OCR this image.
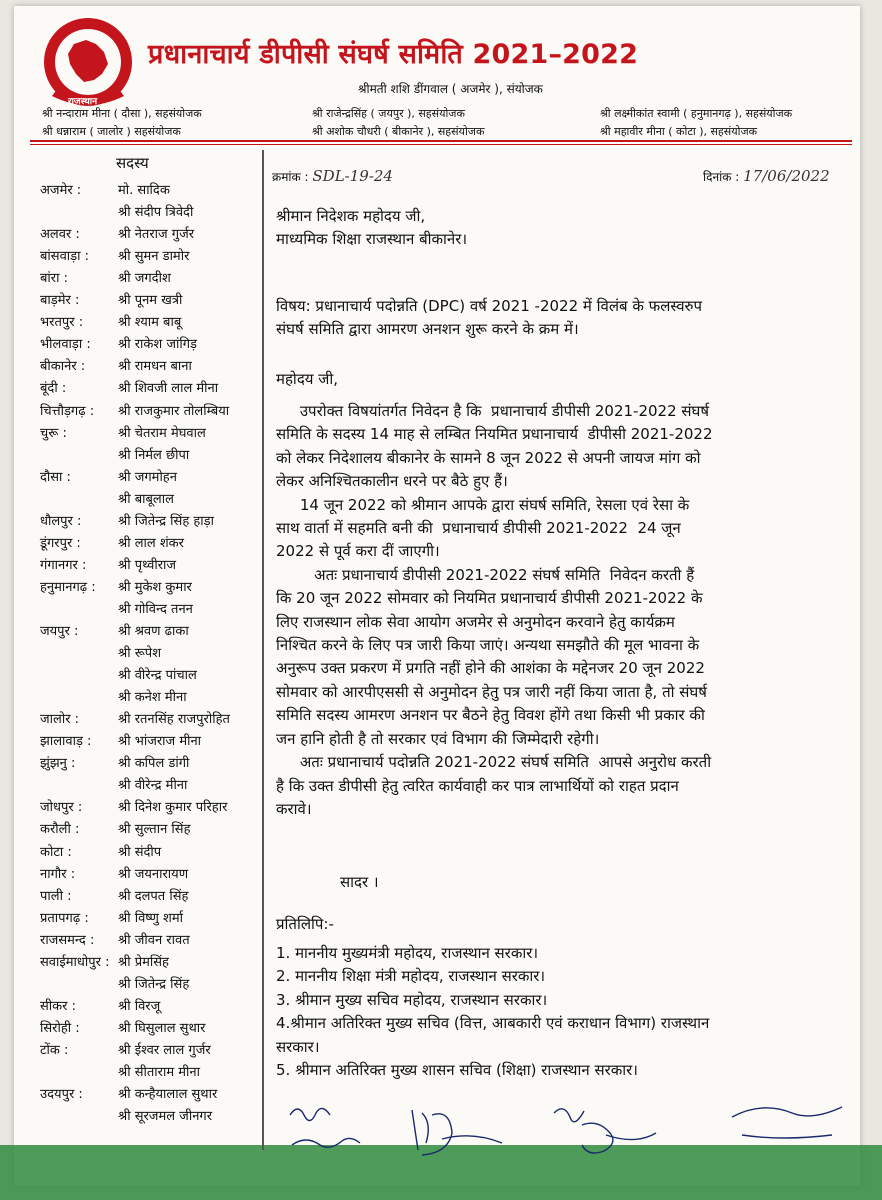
राजस्थान
प्रधानाचार्य डीपीसी संघर्ष समिति 2021–2022
श्रीमती शशि डींगवाल ( अजमेर ), संयोजक
श्री नन्दाराम मीना ( दौसा ), सहसंयोजक
श्री धन्नाराम ( जालोर ) सहसंयोजक
श्री राजेन्द्रसिंह ( जयपुर ), सहसंयोजक
श्री अशोक चौधरी ( बीकानेर ), सहसंयोजक
श्री लक्ष्मीकांत स्वामी ( हनुमानगढ़ ), सहसंयोजक
श्री महावीर मीना ( कोटा ), सहसंयोजक
सदस्य
अजमेर :	मो. सादिक
श्री संदीप त्रिवेदी
अलवर :	श्री नेतराज गुर्जर
बांसवाड़ा : श्री सुमन डामोर
बांरा :	श्री जगदीश
बाड़मेर :	श्री पूनम खत्री
भरतपुर :	श्री श्याम बाबू
भीलवाड़ा : श्री राकेश जांगिड़
बीकानेर :	श्री रामधन बाना
बूंदी :	श्री शिवजी लाल मीना
चित्तौड़गढ़ : श्री राजकुमार तोलम्बिया
चुरू :	श्री चेतराम मेघवाल
श्री निर्मल छीपा
दौसा :	श्री जगमोहन
श्री बाबूलाल
धौलपुर :	श्री जितेन्द्र सिंह हाड़ा
डूंगरपुर :	श्री लाल शंकर
गंगानगर : श्री पृथ्वीराज
हनुमानगढ़ : श्री मुकेश कुमार
श्री गोविन्द तनन
जयपुर :	श्री श्रवण ढाका
श्री रूपेश
श्री वीरेन्द्र पांचाल
श्री कनेश मीना
जालोर :	श्री रतनसिंह राजपुरोहित
झालावाड़ : श्री भांजराज मीना
झुंझनु :	श्री कपिल डांगी
श्री वीरेन्द्र मीना
जोधपुर :	श्री दिनेश कुमार परिहार
करौली :	श्री सुल्तान सिंह
कोटा :	श्री संदीप
नागौर :	श्री जयनारायण
पाली :	श्री दलपत सिंह
प्रतापगढ़ : श्री विष्णु शर्मा
राजसमन्द : श्री जीवन रावत
सवाईमाधोपुर : श्री प्रेमसिंह
श्री जितेन्द्र सिंह
सीकर :	श्री विरजू
सिरोही :	श्री घिसुलाल सुथार
टोंक :	श्री ईश्वर लाल गुर्जर
श्री सीताराम मीना
उदयपुर :	श्री कन्हैयालाल सुथार
श्री सूरजमल जीनगर
क्रमांक : SDL-19-24	दिनांक : 17/06/2022
श्रीमान निदेशक महोदय जी,
माध्यमिक शिक्षा राजस्थान बीकानेर।
विषय: प्रधानाचार्य पदोन्नति (DPC) वर्ष 2021 -2022 में विलंब के फलस्वरुप
संघर्ष समिति द्वारा आमरण अनशन शुरू करने के क्रम में।
महोदय जी,
उपरोक्त विषयांतर्गत निवेदन है कि  प्रधानाचार्य डीपीसी 2021-2022 संघर्ष
समिति के सदस्य 14 माह से लम्बित नियमित प्रधानाचार्य  डीपीसी 2021-2022
को लेकर निदेशालय बीकानेर के सामने 8 जून 2022 से अपनी जायज मांग को
लेकर अनिश्चितकालीन धरने पर बैठे हुए हैं।
14 जून 2022 को श्रीमान आपके द्वारा संघर्ष समिति, रेसला एवं रेसा के
साथ वार्ता में सहमति बनी की  प्रधानाचार्य डीपीसी 2021-2022  24 जून
2022 से पूर्व करा दीं जाएगी।
अतः प्रधानाचार्य डीपीसी 2021-2022 संघर्ष समिति  निवेदन करती हैं
कि 20 जून 2022 सोमवार को नियमित प्रधानाचार्य डीपीसी 2021-2022 के
लिए राजस्थान लोक सेवा आयोग अजमेर से अनुमोदन करवाने हेतु कार्यक्रम
निश्चित करने के लिए पत्र जारी किया जाएं। अन्यथा समझौते की मूल भावना के
अनुरूप उक्त प्रकरण में प्रगति नहीं होने की आशंका के मद्देनजर 20 जून 2022
सोमवार को आरपीएससी से अनुमोदन हेतु पत्र जारी नहीं किया जाता है, तो संघर्ष
समिति सदस्य आमरण अनशन पर बैठने हेतु विवश होंगे तथा किसी भी प्रकार की
जन हानि होती है तो सरकार एवं विभाग की जिम्मेदारी रहेगी।
अतः प्रधानाचार्य पदोन्नति 2021-2022 संघर्ष समिति  आपसे अनुरोध करती
है कि उक्त डीपीसी हेतु त्वरित कार्यवाही कर पात्र लाभार्थियों को राहत प्रदान
करावे।
सादर ।
प्रतिलिपि:-
1. माननीय मुख्यमंत्री महोदय, राजस्थान सरकार।
2. माननीय शिक्षा मंत्री महोदय, राजस्थान सरकार।
3. श्रीमान मुख्य सचिव महोदय, राजस्थान सरकार।
4.श्रीमान अतिरिक्त मुख्य सचिव (वित्त, आबकारी एवं कराधान विभाग) राजस्थान
सरकार।
5. श्रीमान अतिरिक्त मुख्य शासन सचिव (शिक्षा) राजस्थान सरकार।
